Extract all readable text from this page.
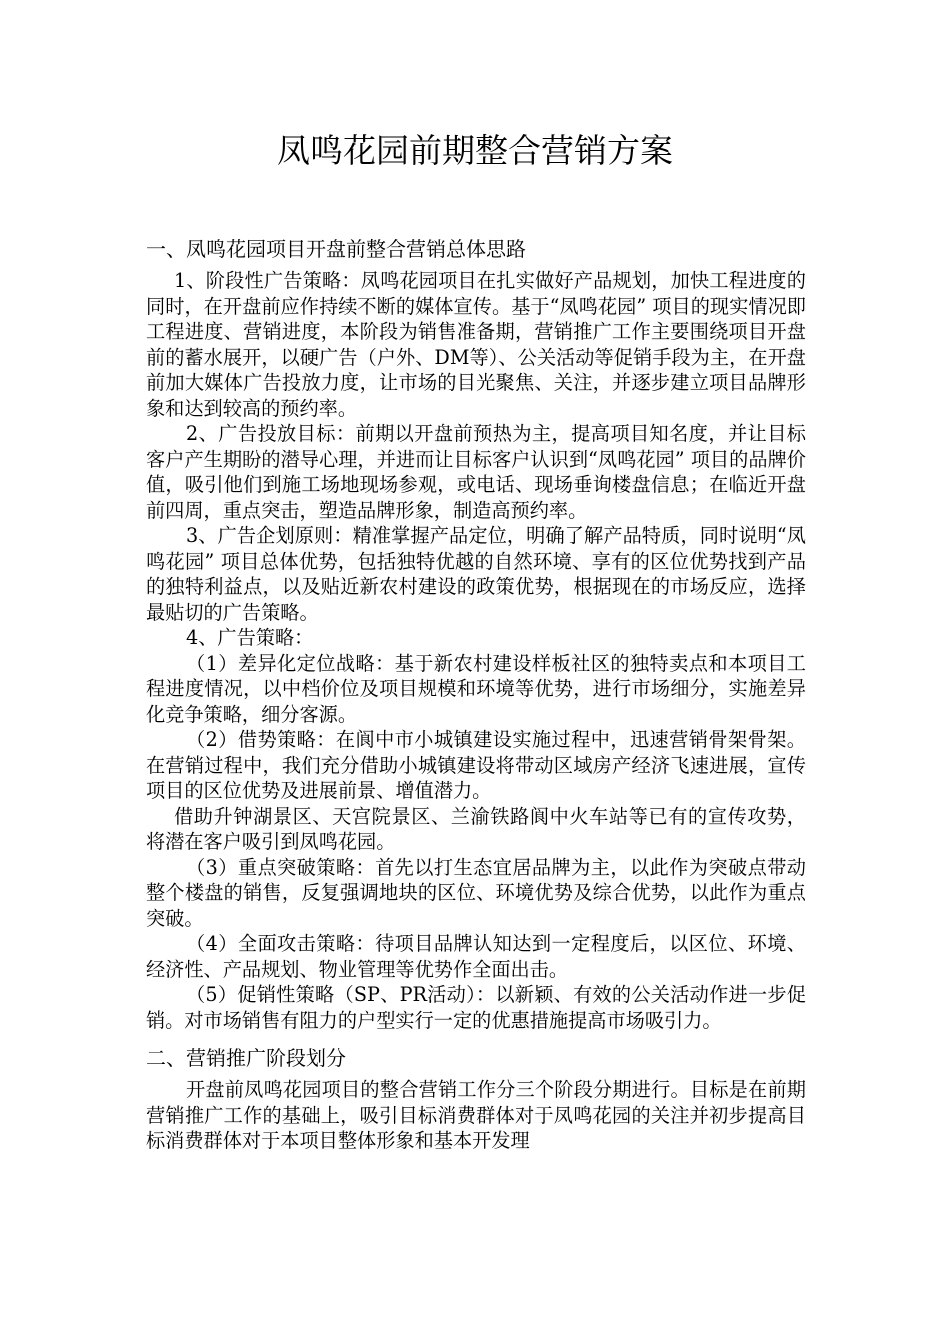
凤鸣花园前期整合营销方案
一、凤鸣花园项目开盘前整合营销总体思路

1、阶段性广告策略：凤鸣花园项目在扎实做好产品规划，加快工程进度的同时，在开盘前应作持续不断的媒体宣传。基于“凤鸣花园” 项目的现实情况即工程进度、营销进度，本阶段为销售准备期，营销推广工作主要围绕项目开盘前的蓄水展开，以硬广告（户外、DM等）、公关活动等促销手段为主，在开盘前加大媒体广告投放力度，让市场的目光聚焦、关注，并逐步建立项目品牌形象和达到较高的预约率。

2、广告投放目标：前期以开盘前预热为主，提高项目知名度，并让目标客户产生期盼的潜导心理，并进而让目标客户认识到“凤鸣花园” 项目的品牌价值，吸引他们到施工场地现场参观，或电话、现场垂询楼盘信息；在临近开盘前四周，重点突击，塑造品牌形象，制造高预约率。

3、广告企划原则：精准掌握产品定位，明确了解产品特质，同时说明“凤鸣花园” 项目总体优势，包括独特优越的自然环境、享有的区位优势找到产品的独特利益点，以及贴近新农村建设的政策优势，根据现在的市场反应，选择最贴切的广告策略。

4、广告策略：

（1）差异化定位战略：基于新农村建设样板社区的独特卖点和本项目工程进度情况，以中档价位及项目规模和环境等优势，进行市场细分，实施差异化竞争策略，细分客源。

（2）借势策略：在阆中市小城镇建设实施过程中，迅速营销骨架骨架。在营销过程中，我们充分借助小城镇建设将带动区域房产经济飞速进展，宣传项目的区位优势及进展前景、增值潜力。

借助升钟湖景区、天宫院景区、兰渝铁路阆中火车站等已有的宣传攻势，将潜在客户吸引到凤鸣花园。

（3）重点突破策略：首先以打生态宜居品牌为主，以此作为突破点带动整个楼盘的销售，反复强调地块的区位、环境优势及综合优势，以此作为重点突破。

（4）全面攻击策略：待项目品牌认知达到一定程度后，以区位、环境、经济性、产品规划、物业管理等优势作全面出击。

（5）促销性策略（SP、PR活动）：以新颖、有效的公关活动作进一步促销。对市场销售有阻力的户型实行一定的优惠措施提高市场吸引力。

二、营销推广阶段划分

开盘前凤鸣花园项目的整合营销工作分三个阶段分期进行。目标是在前期营销推广工作的基础上，吸引目标消费群体对于凤鸣花园的关注并初步提高目标消费群体对于本项目整体形象和基本开发理
